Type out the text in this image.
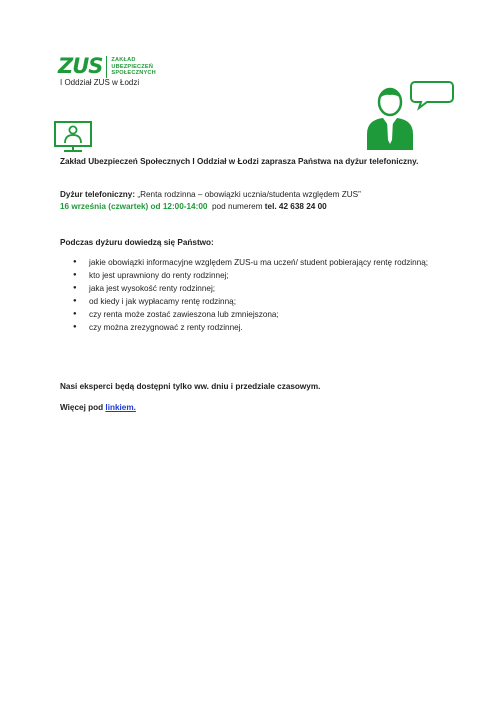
ZUS ZAKŁAD
UBEZPIECZEŃ
SPOŁECZNYCH
I Oddział ZUS w Łodzi
Zakład Ubezpieczeń Społecznych I Oddział w Łodzi zaprasza Państwa na dyżur telefoniczny.
Dyżur telefoniczny: „Renta rodzinna – obowiązki ucznia/studenta względem ZUS”
16 września (czwartek) od 12:00-14:00  pod numerem tel. 42 638 24 00
Podczas dyżuru dowiedzą się Państwo:
● jakie obowiązki informacyjne względem ZUS-u ma uczeń/ student pobierający rentę rodzinną;
● kto jest uprawniony do renty rodzinnej;
● jaka jest wysokość renty rodzinnej;
● od kiedy i jak wypłacamy rentę rodzinną;
● czy renta może zostać zawieszona lub zmniejszona;
● czy można zrezygnować z renty rodzinnej.
Nasi eksperci będą dostępni tylko ww. dniu i przedziale czasowym.
Więcej pod linkiem.
